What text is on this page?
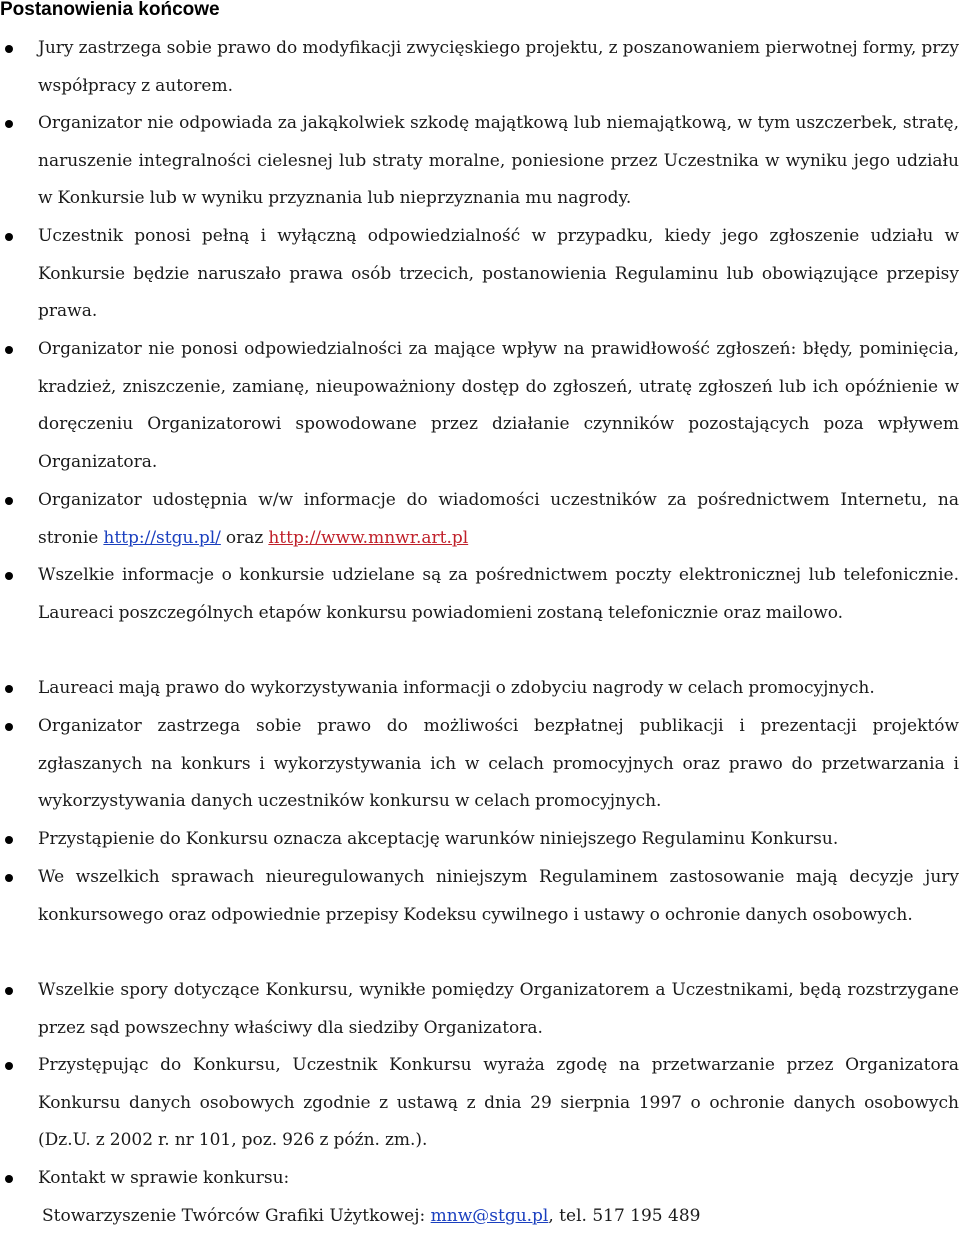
Postanowienia końcowe
Jury zastrzega sobie prawo do modyfikacji zwycięskiego projektu, z poszanowaniem pierwotnej formy, przy współpracy z autorem.
Organizator nie odpowiada za jakąkolwiek szkodę majątkową lub niemajątkową, w tym uszczerbek, stratę, naruszenie integralności cielesnej lub straty moralne, poniesione przez Uczestnika w wyniku jego udziału w Konkursie lub w wyniku przyznania lub nieprzyznania mu nagrody.
Uczestnik ponosi pełną i wyłączną odpowiedzialność w przypadku, kiedy jego zgłoszenie udziału w Konkursie będzie naruszało prawa osób trzecich, postanowienia Regulaminu lub obowiązujące przepisy prawa.
Organizator nie ponosi odpowiedzialności za mające wpływ na prawidłowość zgłoszeń: błędy, pominięcia, kradzież, zniszczenie, zamianę, nieupoważniony dostęp do zgłoszeń, utratę zgłoszeń lub ich opóźnienie w doręczeniu Organizatorowi spowodowane przez działanie czynników pozostających poza wpływem Organizatora.
Organizator udostępnia w/w informacje do wiadomości uczestników za pośrednictwem Internetu, na stronie http://stgu.pl/ oraz http://www.mnwr.art.pl
Wszelkie informacje o konkursie udzielane są za pośrednictwem poczty elektronicznej lub telefonicznie. Laureaci poszczególnych etapów konkursu powiadomieni zostaną telefonicznie oraz mailowo.
Laureaci mają prawo do wykorzystywania informacji o zdobyciu nagrody w celach promocyjnych.
Organizator zastrzega sobie prawo do możliwości bezpłatnej publikacji i prezentacji projektów zgłaszanych na konkurs i wykorzystywania ich w celach promocyjnych oraz prawo do przetwarzania i wykorzystywania danych uczestników konkursu w celach promocyjnych.
Przystąpienie do Konkursu oznacza akceptację warunków niniejszego Regulaminu Konkursu.
We wszelkich sprawach nieuregulowanych niniejszym Regulaminem zastosowanie mają decyzje jury konkursowego oraz odpowiednie przepisy Kodeksu cywilnego i ustawy o ochronie danych osobowych.
Wszelkie spory dotyczące Konkursu, wynikłe pomiędzy Organizatorem a Uczestnikami, będą rozstrzygane przez sąd powszechny właściwy dla siedziby Organizatora.
Przystępując do Konkursu, Uczestnik Konkursu wyraża zgodę na przetwarzanie przez Organizatora Konkursu danych osobowych zgodnie z ustawą z dnia 29 sierpnia 1997 o ochronie danych osobowych (Dz.U. z 2002 r. nr 101, poz. 926 z późn. zm.).
Kontakt w sprawie konkursu:
Stowarzyszenie Twórców Grafiki Użytkowej: mnw@stgu.pl, tel. 517 195 489
